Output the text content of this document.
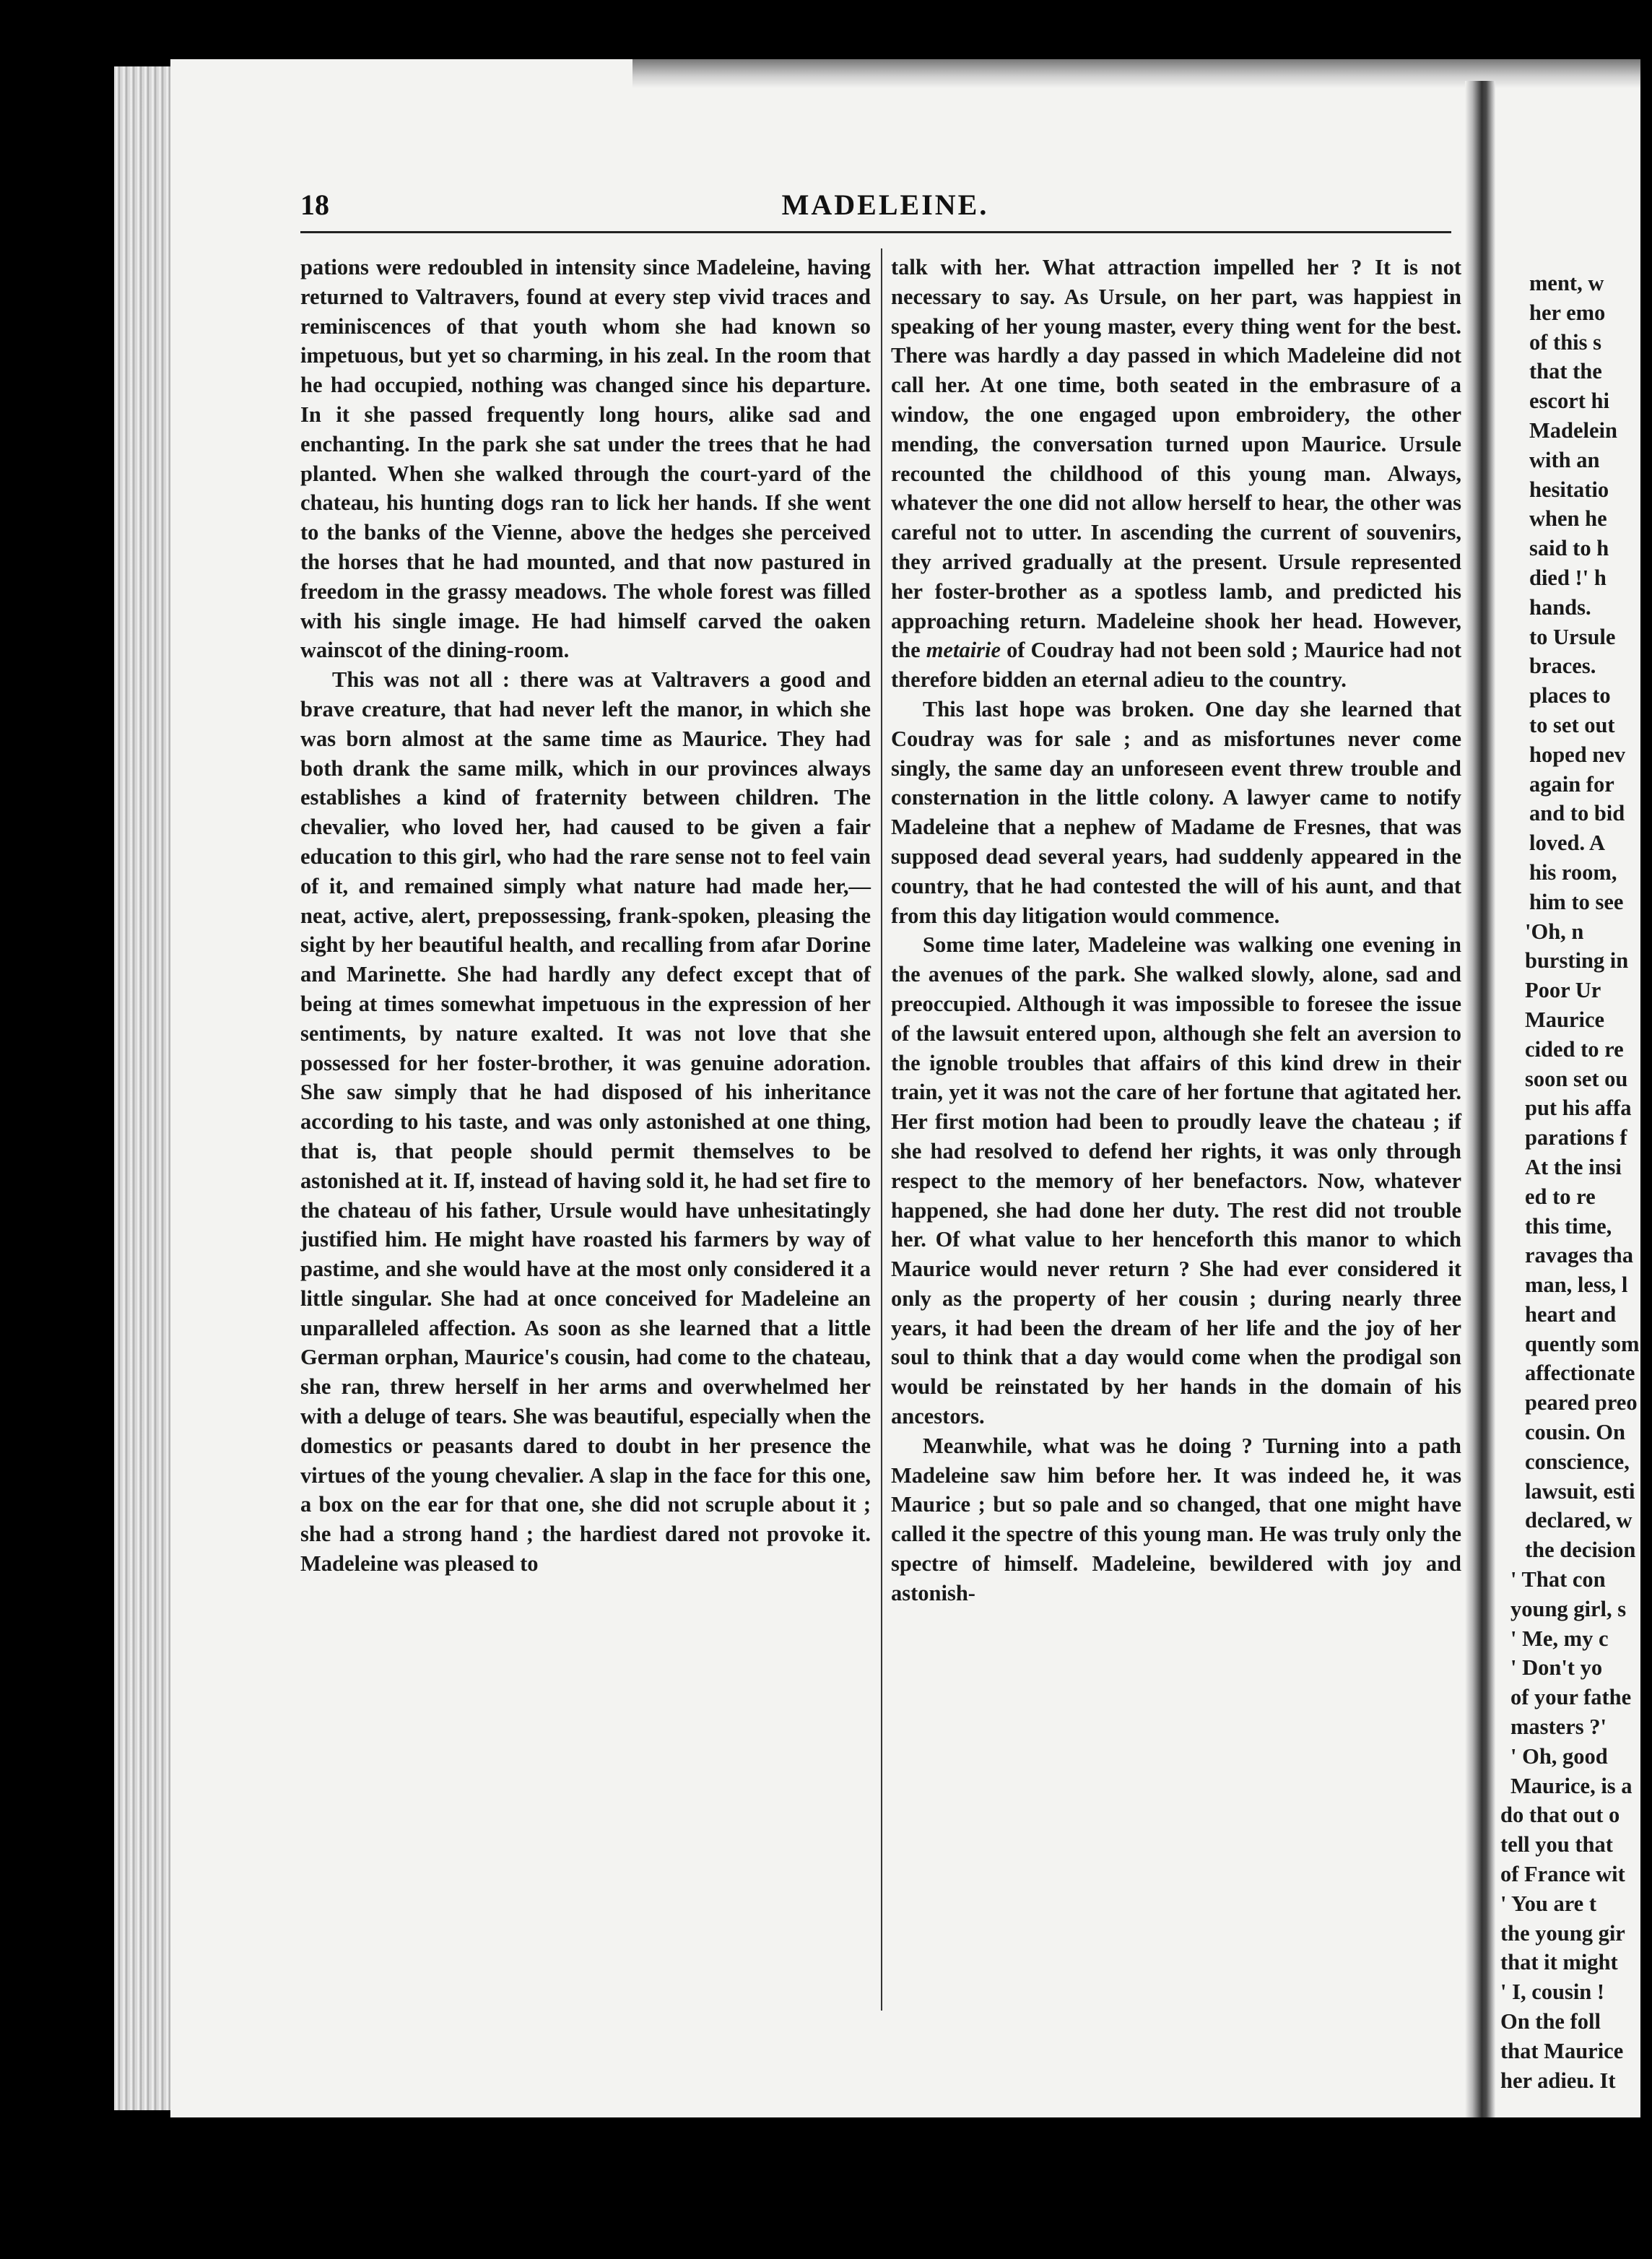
18	MADELEINE.

pations were redoubled in intensity since Madeleine, having returned to Valtravers, found at every step vivid traces and reminiscences of that youth whom she had known so impetuous, but yet so charming, in his zeal. In the room that he had occupied, nothing was changed since his departure. In it she passed frequently long hours, alike sad and enchanting. In the park she sat under the trees that he had planted. When she walked through the court-yard of the chateau, his hunting dogs ran to lick her hands. If she went to the banks of the Vienne, above the hedges she perceived the horses that he had mounted, and that now pastured in freedom in the grassy meadows. The whole forest was filled with his single image. He had himself carved the oaken wainscot of the dining-room.

This was not all : there was at Valtravers a good and brave creature, that had never left the manor, in which she was born almost at the same time as Maurice. They had both drank the same milk, which in our provinces always establishes a kind of fraternity between children. The chevalier, who loved her, had caused to be given a fair education to this girl, who had the rare sense not to feel vain of it, and remained simply what nature had made her,—neat, active, alert, prepossessing, frank-spoken, pleasing the sight by her beautiful health, and recalling from afar Dorine and Marinette. She had hardly any defect except that of being at times somewhat impetuous in the expression of her sentiments, by nature exalted. It was not love that she possessed for her foster-brother, it was genuine adoration. She saw simply that he had disposed of his inheritance according to his taste, and was only astonished at one thing, that is, that people should permit themselves to be astonished at it. If, instead of having sold it, he had set fire to the chateau of his father, Ursule would have unhesitatingly justified him. He might have roasted his farmers by way of pastime, and she would have at the most only considered it a little singular. She had at once conceived for Madeleine an unparalleled affection. As soon as she learned that a little German orphan, Maurice's cousin, had come to the chateau, she ran, threw herself in her arms and overwhelmed her with a deluge of tears. She was beautiful, especially when the domestics or peasants dared to doubt in her presence the virtues of the young chevalier. A slap in the face for this one, a box on the ear for that one, she did not scruple about it ; she had a strong hand ; the hardiest dared not provoke it. Madeleine was pleased to

talk with her. What attraction impelled her ? It is not necessary to say. As Ursule, on her part, was happiest in speaking of her young master, every thing went for the best. There was hardly a day passed in which Madeleine did not call her. At one time, both seated in the embrasure of a window, the one engaged upon embroidery, the other mending, the conversation turned upon Maurice. Ursule recounted the childhood of this young man. Always, whatever the one did not allow herself to hear, the other was careful not to utter. In ascending the current of souvenirs, they arrived gradually at the present. Ursule represented her foster-brother as a spotless lamb, and predicted his approaching return. Madeleine shook her head. However, the metairie of Coudray had not been sold ; Maurice had not therefore bidden an eternal adieu to the country.

This last hope was broken. One day she learned that Coudray was for sale ; and as misfortunes never come singly, the same day an unforeseen event threw trouble and consternation in the little colony. A lawyer came to notify Madeleine that a nephew of Madame de Fresnes, that was supposed dead several years, had suddenly appeared in the country, that he had contested the will of his aunt, and that from this day litigation would commence.

Some time later, Madeleine was walking one evening in the avenues of the park. She walked slowly, alone, sad and preoccupied. Although it was impossible to foresee the issue of the lawsuit entered upon, although she felt an aversion to the ignoble troubles that affairs of this kind drew in their train, yet it was not the care of her fortune that agitated her. Her first motion had been to proudly leave the chateau ; if she had resolved to defend her rights, it was only through respect to the memory of her benefactors. Now, whatever happened, she had done her duty. The rest did not trouble her. Of what value to her henceforth this manor to which Maurice would never return ? She had ever considered it only as the property of her cousin ; during nearly three years, it had been the dream of her life and the joy of her soul to think that a day would come when the prodigal son would be reinstated by her hands in the domain of his ancestors.

Meanwhile, what was he doing ? Turning into a path Madeleine saw him before her. It was indeed he, it was Maurice ; but so pale and so changed, that one might have called it the spectre of this young man. He was truly only the spectre of himself. Madeleine, bewildered with joy and astonish-

ment, w
her emo
of this s
that the
escort hi
Madelein
with an
hesitatio
when he
said to h
died !' h
hands.
to Ursule
braces.
places to
to set out
hoped nev
again for
and to bid
loved. A
his room,
him to see
'Oh, n
bursting in
Poor Ur
Maurice
cided to re
soon set ou
put his affa
parations f
At the insi
ed to re
this time,
ravages tha
man, less, l
heart and
quently som
affectionate
peared preo
cousin. On
conscience,
lawsuit, esti
declared, w
the decision
' That con
young girl, s
' Me, my c
' Don't yo
of your fathe
masters ?'
' Oh, good
Maurice, is a
do that out o
tell you that
of France wit
' You are t
the young gir
that it might
' I, cousin !
On the foll
that Maurice
her adieu. It
